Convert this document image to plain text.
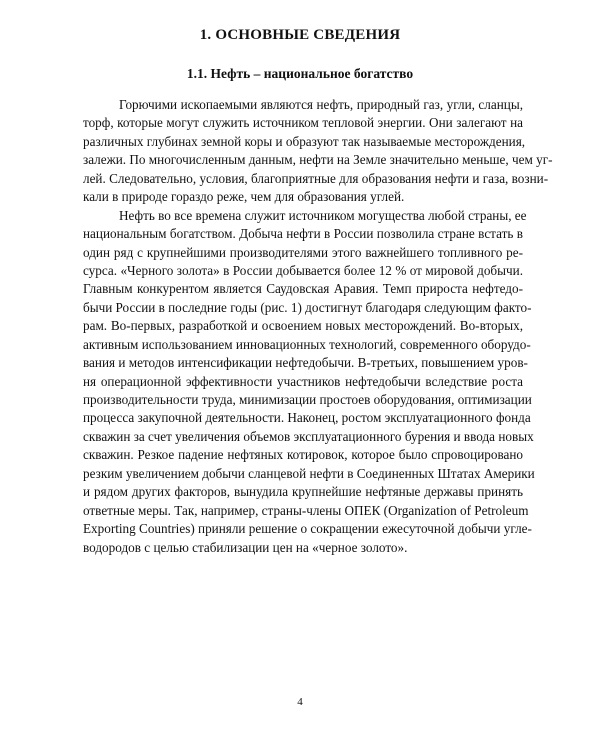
1. ОСНОВНЫЕ СВЕДЕНИЯ
1.1. Нефть – национальное богатство
Горючими ископаемыми являются нефть, природный газ, угли, сланцы,
торф, которые могут служить источником тепловой энергии. Они залегают на
различных глубинах земной коры и образуют так называемые месторождения,
залежи. По многочисленным данным, нефти на Земле значительно меньше, чем уг-
лей. Следовательно, условия, благоприятные для образования нефти и газа, возни-
кали в природе гораздо реже, чем для образования углей.
Нефть во все времена служит источником могущества любой страны, ее
национальным богатством. Добыча нефти в России позволила стране встать в
один ряд с крупнейшими производителями этого важнейшего топливного ре-
сурса. «Черного золота» в России добывается более 12 % от мировой добычи.
Главным конкурентом является Саудовская Аравия. Темп прироста нефтедо-
бычи России в последние годы (рис. 1) достигнут благодаря следующим факто-
рам. Во-первых, разработкой и освоением новых месторождений. Во-вторых,
активным использованием инновационных технологий, современного оборудо-
вания и методов интенсификации нефтедобычи. В-третьих, повышением уров-
ня операционной эффективности участников нефтедобычи вследствие роста
производительности труда, минимизации простоев оборудования, оптимизации
процесса закупочной деятельности. Наконец, ростом эксплуатационного фонда
скважин за счет увеличения объемов эксплуатационного бурения и ввода новых
скважин. Резкое падение нефтяных котировок, которое было спровоцировано
резким увеличением добычи сланцевой нефти в Соединенных Штатах Америки
и рядом других факторов, вынудила крупнейшие нефтяные державы принять
ответные меры. Так, например, страны-члены ОПЕК (Organization of Petroleum
Exporting Countries) приняли решение о сокращении ежесуточной добычи угле-
водородов с целью стабилизации цен на «черное золото».
4
